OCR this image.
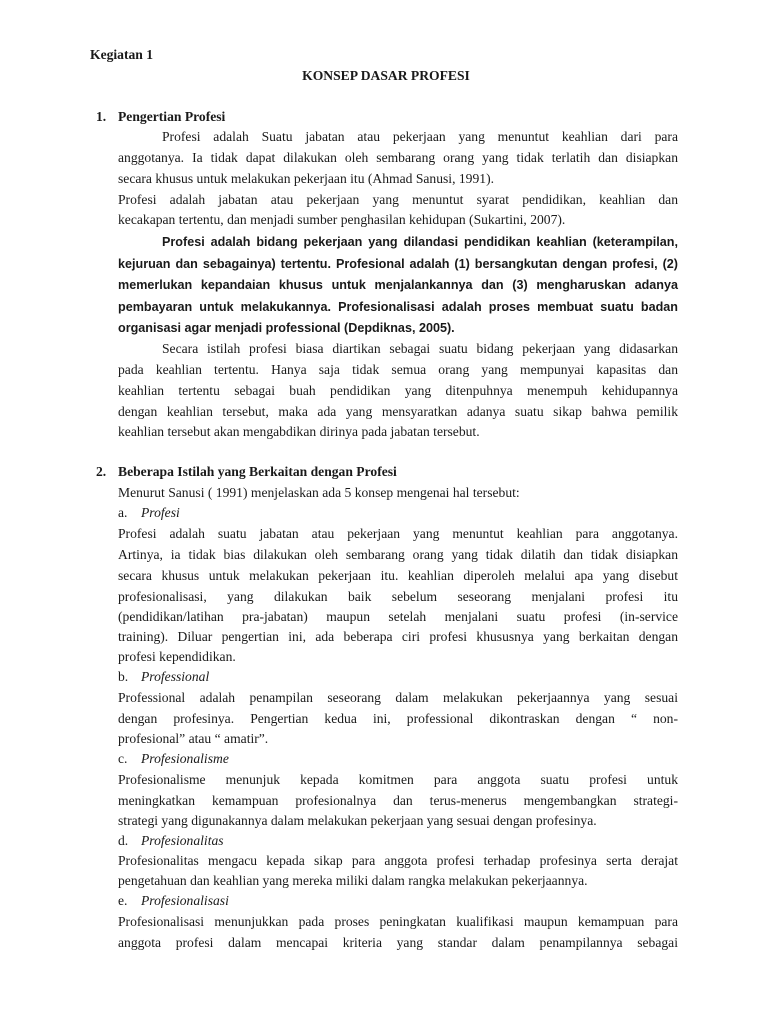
Kegiatan 1
KONSEP DASAR PROFESI
1. Pengertian Profesi
Profesi adalah Suatu jabatan atau pekerjaan yang menuntut keahlian dari para
anggotanya. Ia tidak dapat dilakukan oleh sembarang orang yang tidak terlatih dan disiapkan
secara khusus untuk melakukan pekerjaan itu (Ahmad Sanusi, 1991).
Profesi adalah jabatan atau pekerjaan yang menuntut syarat pendidikan, keahlian dan
kecakapan tertentu, dan menjadi sumber penghasilan kehidupan (Sukartini, 2007).
Profesi adalah bidang pekerjaan yang dilandasi pendidikan keahlian (keterampilan,
kejuruan dan sebagainya) tertentu. Profesional adalah (1) bersangkutan dengan profesi, (2)
memerlukan kepandaian khusus untuk menjalankannya dan (3) mengharuskan adanya
pembayaran untuk melakukannya. Profesionalisasi adalah proses membuat suatu badan
organisasi agar menjadi professional (Depdiknas, 2005).
Secara istilah profesi biasa diartikan sebagai suatu bidang pekerjaan yang didasarkan
pada keahlian tertentu. Hanya saja tidak semua orang yang mempunyai kapasitas dan
keahlian tertentu sebagai buah pendidikan yang ditenpuhnya menempuh kehidupannya
dengan keahlian tersebut, maka ada yang mensyaratkan adanya suatu sikap bahwa pemilik
keahlian tersebut akan mengabdikan dirinya pada jabatan tersebut.
2. Beberapa Istilah yang Berkaitan dengan Profesi
Menurut Sanusi ( 1991) menjelaskan ada 5 konsep mengenai hal tersebut:
a. Profesi
Profesi adalah suatu jabatan atau pekerjaan yang menuntut keahlian para anggotanya.
Artinya, ia tidak bias dilakukan oleh sembarang orang yang tidak dilatih dan tidak disiapkan
secara khusus untuk melakukan pekerjaan itu. keahlian diperoleh melalui apa yang disebut
profesionalisasi, yang dilakukan baik sebelum seseorang menjalani profesi itu
(pendidikan/latihan pra-jabatan) maupun setelah menjalani suatu profesi (in-service
training). Diluar pengertian ini, ada beberapa ciri profesi khususnya yang berkaitan dengan
profesi kependidikan.
b. Professional
Professional adalah penampilan seseorang dalam melakukan pekerjaannya yang sesuai
dengan profesinya. Pengertian kedua ini, professional dikontraskan dengan “ non-
profesional” atau “ amatir”.
c. Profesionalisme
Profesionalisme menunjuk kepada komitmen para anggota suatu profesi untuk
meningkatkan kemampuan profesionalnya dan terus-menerus mengembangkan strategi-
strategi yang digunakannya dalam melakukan pekerjaan yang sesuai dengan profesinya.
d. Profesionalitas
Profesionalitas mengacu kepada sikap para anggota profesi terhadap profesinya serta derajat
pengetahuan dan keahlian yang mereka miliki dalam rangka melakukan pekerjaannya.
e. Profesionalisasi
Profesionalisasi menunjukkan pada proses peningkatan kualifikasi maupun kemampuan para
anggota profesi dalam mencapai kriteria yang standar dalam penampilannya sebagai
